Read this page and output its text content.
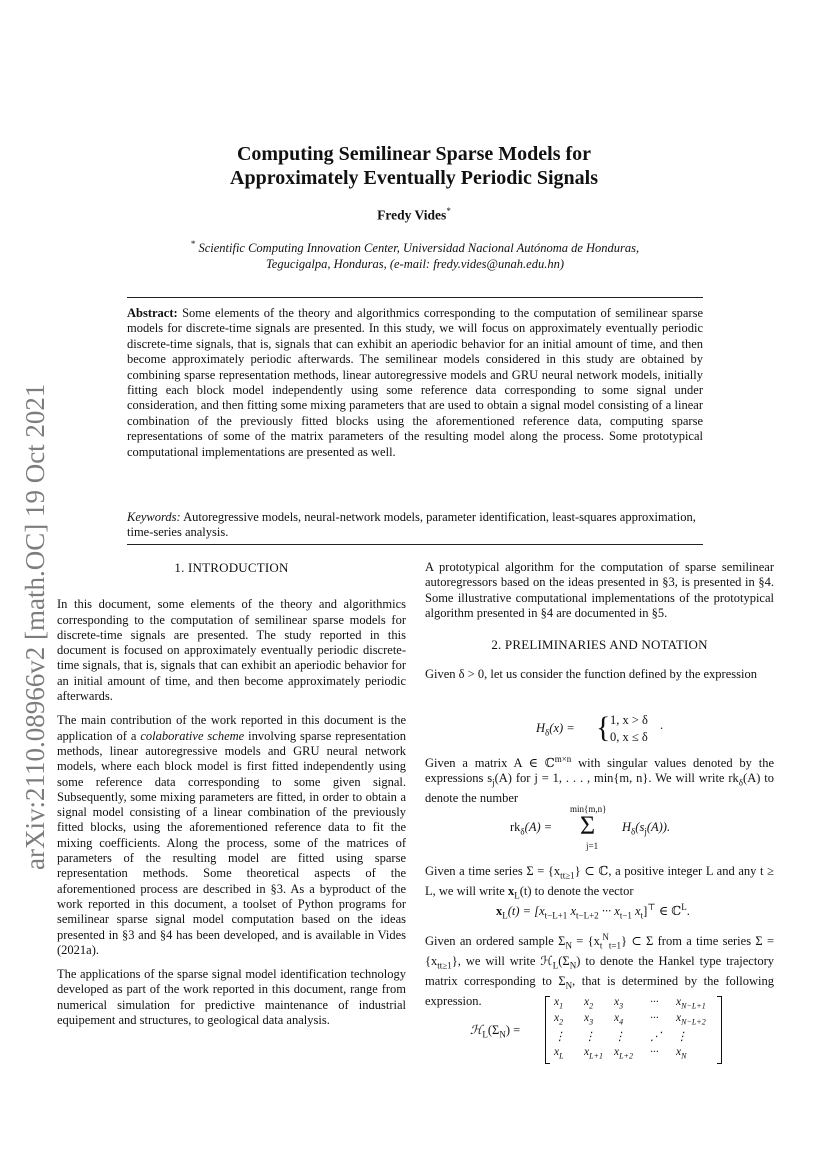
arXiv:2110.08966v2 [math.OC] 19 Oct 2021
Computing Semilinear Sparse Models for
Approximately Eventually Periodic Signals
Fredy Vides*
* Scientific Computing Innovation Center, Universidad Nacional Autónoma de Honduras, Tegucigalpa, Honduras, (e-mail: fredy.vides@unah.edu.hn)
Abstract: Some elements of the theory and algorithmics corresponding to the computation of semilinear sparse models for discrete-time signals are presented. In this study, we will focus on approximately eventually periodic discrete-time signals, that is, signals that can exhibit an aperiodic behavior for an initial amount of time, and then become approximately periodic afterwards. The semilinear models considered in this study are obtained by combining sparse representation methods, linear autoregressive models and GRU neural network models, initially fitting each block model independently using some reference data corresponding to some signal under consideration, and then fitting some mixing parameters that are used to obtain a signal model consisting of a linear combination of the previously fitted blocks using the aforementioned reference data, computing sparse representations of some of the matrix parameters of the resulting model along the process. Some prototypical computational implementations are presented as well.
Keywords: Autoregressive models, neural-network models, parameter identification, least-squares approximation, time-series analysis.
1. INTRODUCTION

In this document, some elements of the theory and algorithmics corresponding to the computation of semilinear sparse models for discrete-time signals are presented. The study reported in this document is focused on approximately eventually periodic discrete-time signals, that is, signals that can exhibit an aperiodic behavior for an initial amount of time, and then become approximately periodic afterwards.

The main contribution of the work reported in this document is the application of a colaborative scheme involving sparse representation methods, linear autoregressive models and GRU neural network models, where each block model is first fitted independently using some reference data corresponding to some given signal. Subsequently, some mixing parameters are fitted, in order to obtain a signal model consisting of a linear combination of the previously fitted blocks, using the aforementioned reference data to fit the mixing coefficients. Along the process, some of the matrices of parameters of the resulting model are fitted using sparse representation methods. Some theoretical aspects of the aforementioned process are described in §3. As a byproduct of the work reported in this document, a toolset of Python programs for semilinear sparse signal model computation based on the ideas presented in §3 and §4 has been developed, and is available in Vides (2021a).

The applications of the sparse signal model identification technology developed as part of the work reported in this document, range from numerical simulation for predictive maintenance of industrial equipement and structures, to geological data analysis.

A prototypical algorithm for the computation of sparse semilinear autoregressors based on the ideas presented in §3, is presented in §4. Some illustrative computational implementations of the prototypical algorithm presented in §4 are documented in §5.

2. PRELIMINARIES AND NOTATION

Given δ > 0, let us consider the function defined by the expression

$H_\delta(x)$ = { 1, x > δ
0, x ≤ δ
.
Given a matrix A ∈ ℂ$^{m\times n}$ with singular values denoted by the expressions $s_j(A)$ for j = 1, . . . , min{m, n}. We will write $rk_\delta(A)$ to denote the number
$rk_\delta(A)$ =
min{m,n}
Σ
j=1
$H_\delta(s_j(A))$.
Given a time series $\Sigma = \{x_{tt\ge 1}\}$ ⊂ ℂ, a positive integer L and any t ≥ L, we will write $x_L(t)$ to denote the vector
$x_L(t) = [x_{t-L+1}$ $x_{t-L+2}$ ··· $x_{t-1}$ $x_t]^⊤$ ∈ ℂ$^L$.
Given an ordered sample $\Sigma_N = \{x_t^N_{t=1}\}$ ⊂ Σ from a time series $\Sigma = \{x_{tt\ge 1}\}$, we will write $ℋ_L(\Sigma_N)$ to denote the Hankel type trajectory matrix corresponding to $\Sigma_N$, that is determined by the following expression.
$ℋ_L(\Sigma_N)$ =
$x_1$ $x_2$ $x_3$ ··· $x_{N-L+1}$
$x_2$ $x_3$ $x_4$ ··· $x_{N-L+2}$
⋮ ⋮ ⋮ ⋰ ⋮
$x_L$ $x_{L+1}$ $x_{L+2}$ ··· $x_N$
